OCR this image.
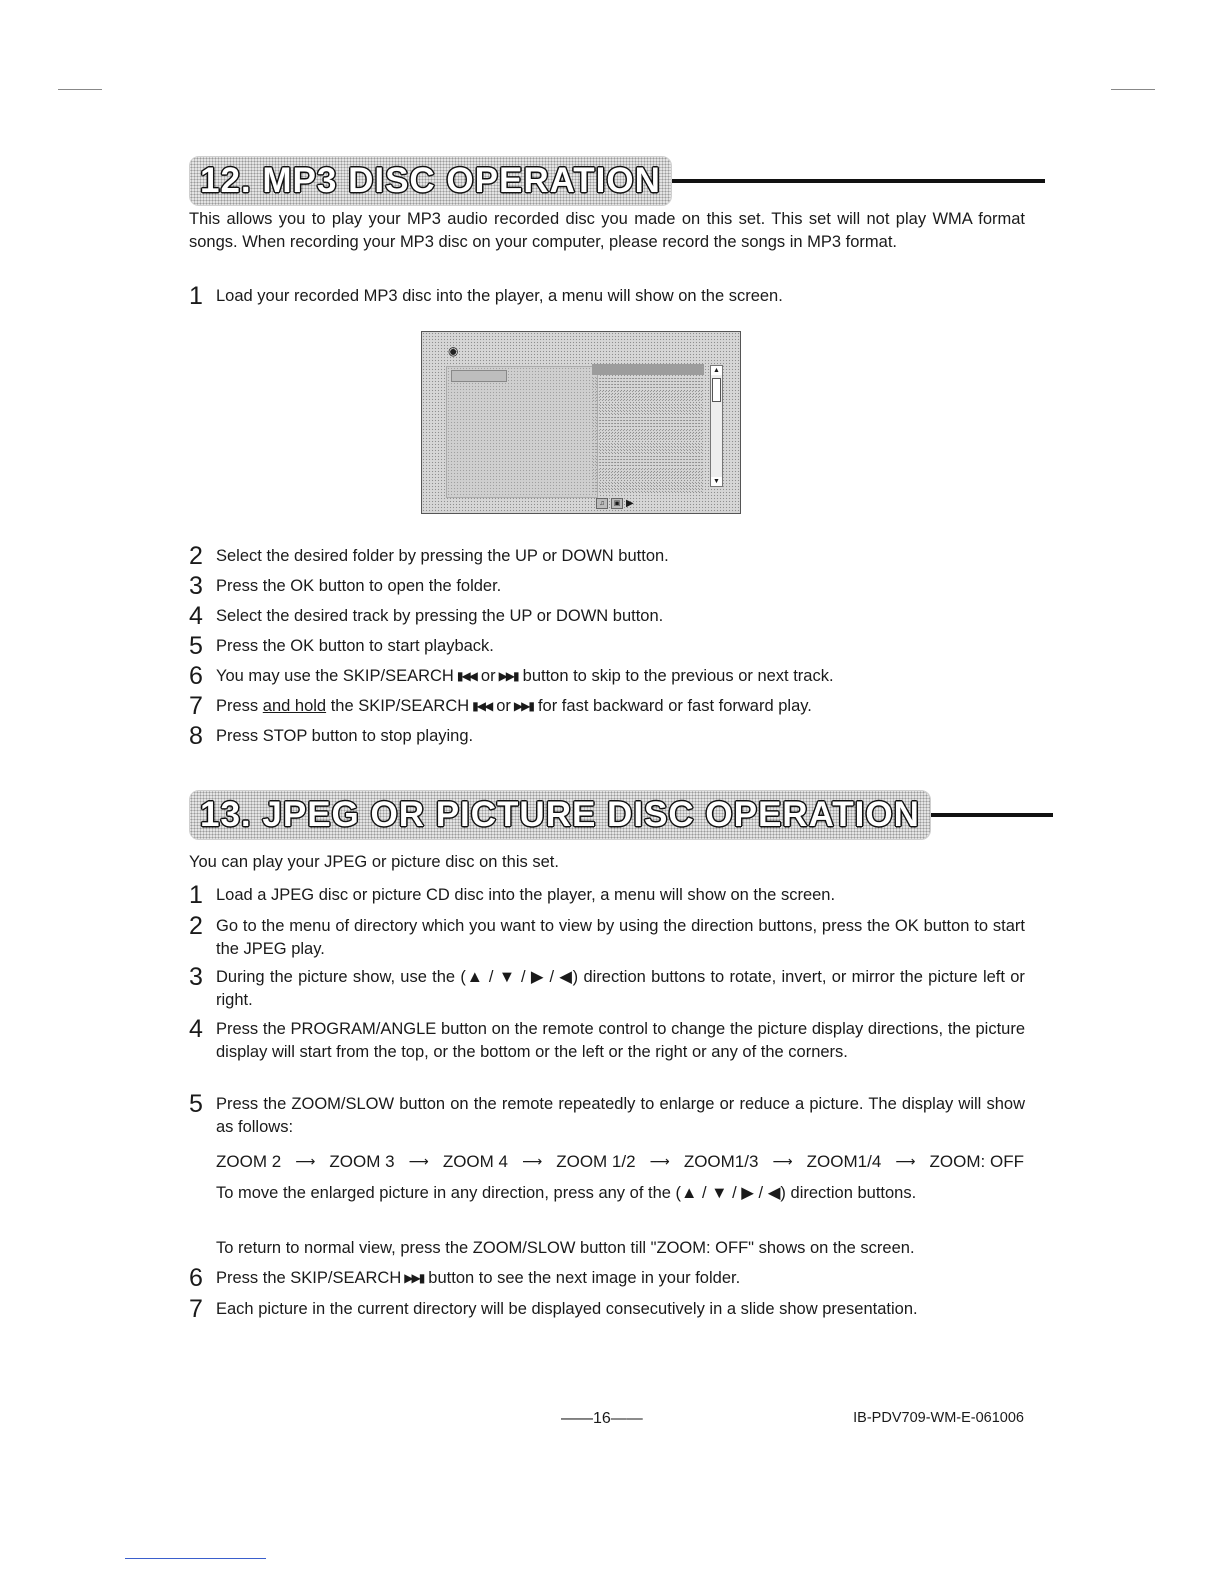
12. MP3 DISC OPERATION
This allows you to play your MP3 audio recorded disc you made on this set. This set will not play WMA format songs. When recording your MP3 disc on your computer, please record the songs in MP3 format.
1 Load your recorded MP3 disc into the player, a menu will show on the screen.
◉
▲
▼
♫	▣ ▶
2 Select the desired folder by pressing the UP or DOWN button.
3 Press the OK button to open the folder.
4 Select the desired track by pressing the UP or DOWN button.
5 Press the OK button to start playback.
6 You may use the SKIP/SEARCH ▮◀◀ or ▶▶▮ button to skip to the previous or next track.
7 Press and hold the SKIP/SEARCH ▮◀◀ or ▶▶▮ for fast backward or fast forward play.
8 Press STOP button to stop playing.
13. JPEG OR PICTURE DISC OPERATION
You can play your JPEG or picture disc on this set.
1 Load a JPEG disc or picture CD disc into the player, a menu will show on the screen.
2 Go to the menu of directory which you want to view by using the direction buttons, press the OK button to start the JPEG play.
3 During the picture show, use the (▲ / ▼ / ▶ / ◀) direction buttons to rotate, invert, or mirror the picture left or right.
4 Press the PROGRAM/ANGLE button on the remote control to change the picture display directions, the picture display will start from the top, or the bottom or the left or the right or any of the corners.
5 Press the ZOOM/SLOW button on the remote repeatedly to enlarge or reduce a picture. The display will show as follows:
ZOOM 2 ⟶ ZOOM 3 ⟶ ZOOM 4 ⟶ ZOOM 1/2 ⟶ ZOOM1/3 ⟶ ZOOM1/4 ⟶ ZOOM: OFF
To move the enlarged picture in any direction, press any of the (▲ / ▼ / ▶ / ◀) direction buttons.
To return to normal view, press the ZOOM/SLOW button till "ZOOM: OFF" shows on the screen.
6 Press the SKIP/SEARCH ▶▶▮ button to see the next image in your folder.
7 Each picture in the current directory will be displayed consecutively in a slide show presentation.
——16——	IB-PDV709-WM-E-061006
